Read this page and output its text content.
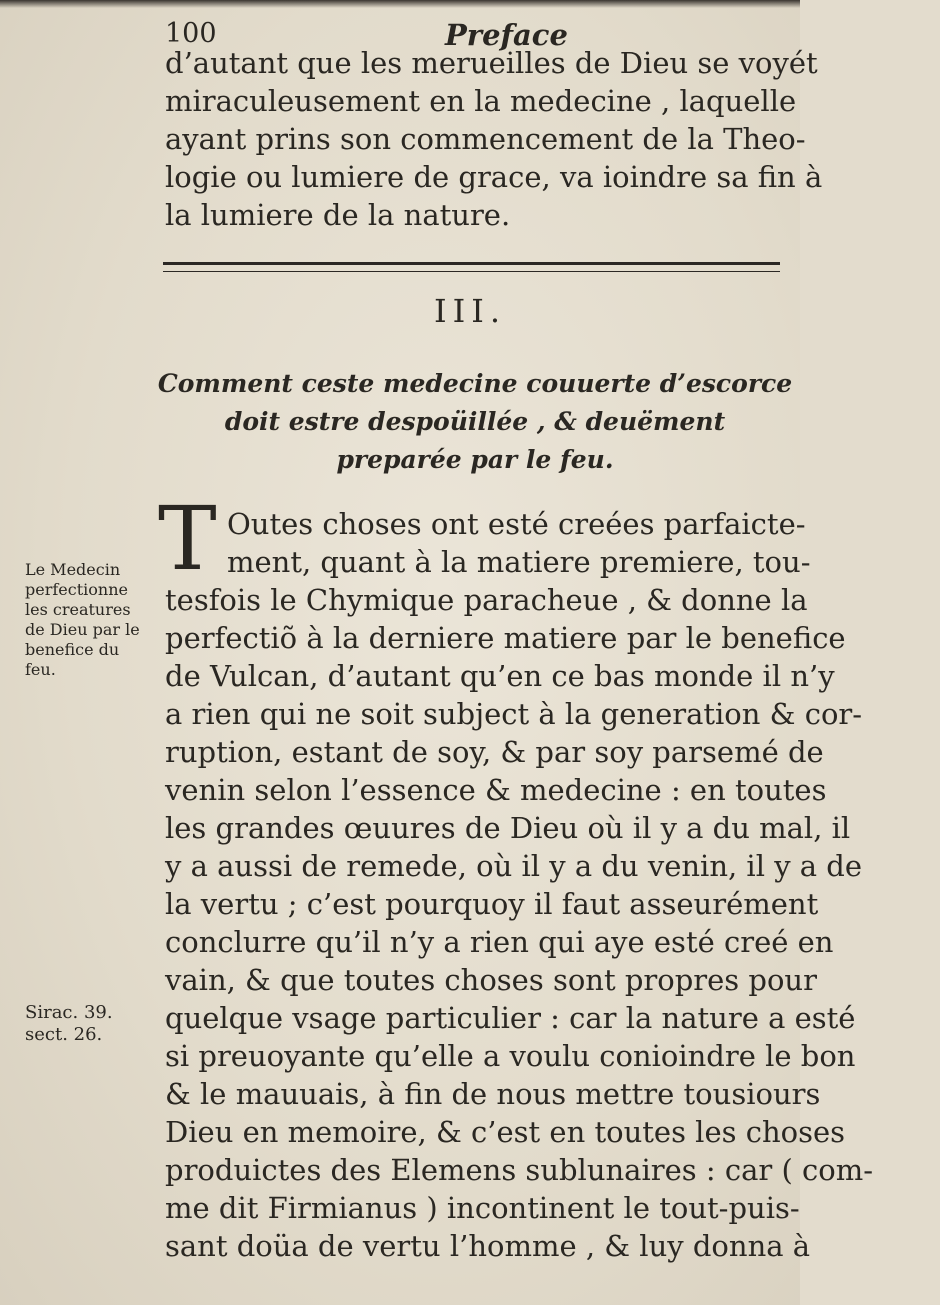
100	Preface
d’autant que les merueilles de Dieu se voyét
miraculeusement en la medecine , laquelle
ayant prins son commencement de la Theo-
logie ou lumiere de grace, va ioindre sa fin à
la lumiere de la nature.
III.
Comment ceste medecine couuerte d’escorce
doit estre despoüillée , & deuëment
preparée par le feu.
T Outes choses ont esté creées parfaicte-
ment, quant à la matiere premiere, tou-
tesfois le Chymique paracheue , & donne la
perfectiõ à la derniere matiere par le benefice
de Vulcan, d’autant qu’en ce bas monde il n’y
a rien qui ne soit subject à la generation & cor-
ruption, estant de soy, & par soy parsemé de
venin selon l’essence & medecine : en toutes
les grandes œuures de Dieu où il y a du mal, il
y a aussi de remede, où il y a du venin, il y a de
la vertu ; c’est pourquoy il faut asseurément
conclurre qu’il n’y a rien qui aye esté creé en
vain, & que toutes choses sont propres pour
quelque vsage particulier : car la nature a esté
si preuoyante qu’elle a voulu conioindre le bon
& le mauuais, à fin de nous mettre tousiours
Dieu en memoire, & c’est en toutes les choses
produictes des Elemens sublunaires : car ( com-
me dit Firmianus ) incontinent le tout-puis-
sant doüa de vertu l’homme , & luy donna à
Le Medecin
perfectionne
les creatures
de Dieu par le
benefice du
feu.
Sirac. 39.
sect. 26.
